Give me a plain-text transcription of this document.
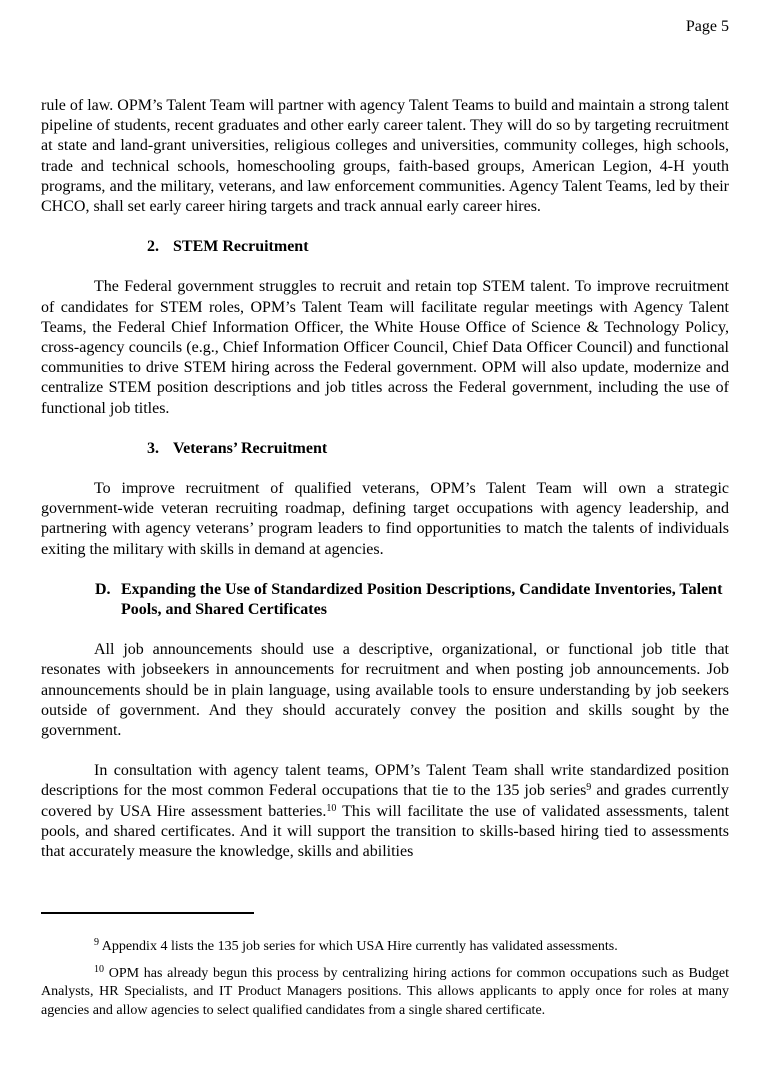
Page 5

rule of law. OPM’s Talent Team will partner with agency Talent Teams to build and maintain a strong talent pipeline of students, recent graduates and other early career talent. They will do so by targeting recruitment at state and land-grant universities, religious colleges and universities, community colleges, high schools, trade and technical schools, homeschooling groups, faith-based groups, American Legion, 4-H youth programs, and the military, veterans, and law enforcement communities. Agency Talent Teams, led by their CHCO, shall set early career hiring targets and track annual early career hires.

2. STEM Recruitment

The Federal government struggles to recruit and retain top STEM talent. To improve recruitment of candidates for STEM roles, OPM’s Talent Team will facilitate regular meetings with Agency Talent Teams, the Federal Chief Information Officer, the White House Office of Science & Technology Policy, cross-agency councils (e.g., Chief Information Officer Council, Chief Data Officer Council) and functional communities to drive STEM hiring across the Federal government. OPM will also update, modernize and centralize STEM position descriptions and job titles across the Federal government, including the use of functional job titles.

3. Veterans’ Recruitment

To improve recruitment of qualified veterans, OPM’s Talent Team will own a strategic government-wide veteran recruiting roadmap, defining target occupations with agency leadership, and partnering with agency veterans’ program leaders to find opportunities to match the talents of individuals exiting the military with skills in demand at agencies.

D. Expanding the Use of Standardized Position Descriptions, Candidate Inventories, Talent Pools, and Shared Certificates

All job announcements should use a descriptive, organizational, or functional job title that resonates with jobseekers in announcements for recruitment and when posting job announcements. Job announcements should be in plain language, using available tools to ensure understanding by job seekers outside of government. And they should accurately convey the position and skills sought by the government.

In consultation with agency talent teams, OPM’s Talent Team shall write standardized position descriptions for the most common Federal occupations that tie to the 135 job series$^9$ and grades currently covered by USA Hire assessment batteries.$^{10}$ This will facilitate the use of validated assessments, talent pools, and shared certificates. And it will support the transition to skills-based hiring tied to assessments that accurately measure the knowledge, skills and abilities

$^9$ Appendix 4 lists the 135 job series for which USA Hire currently has validated assessments.

$^{10}$ OPM has already begun this process by centralizing hiring actions for common occupations such as Budget Analysts, HR Specialists, and IT Product Managers positions. This allows applicants to apply once for roles at many agencies and allow agencies to select qualified candidates from a single shared certificate.
